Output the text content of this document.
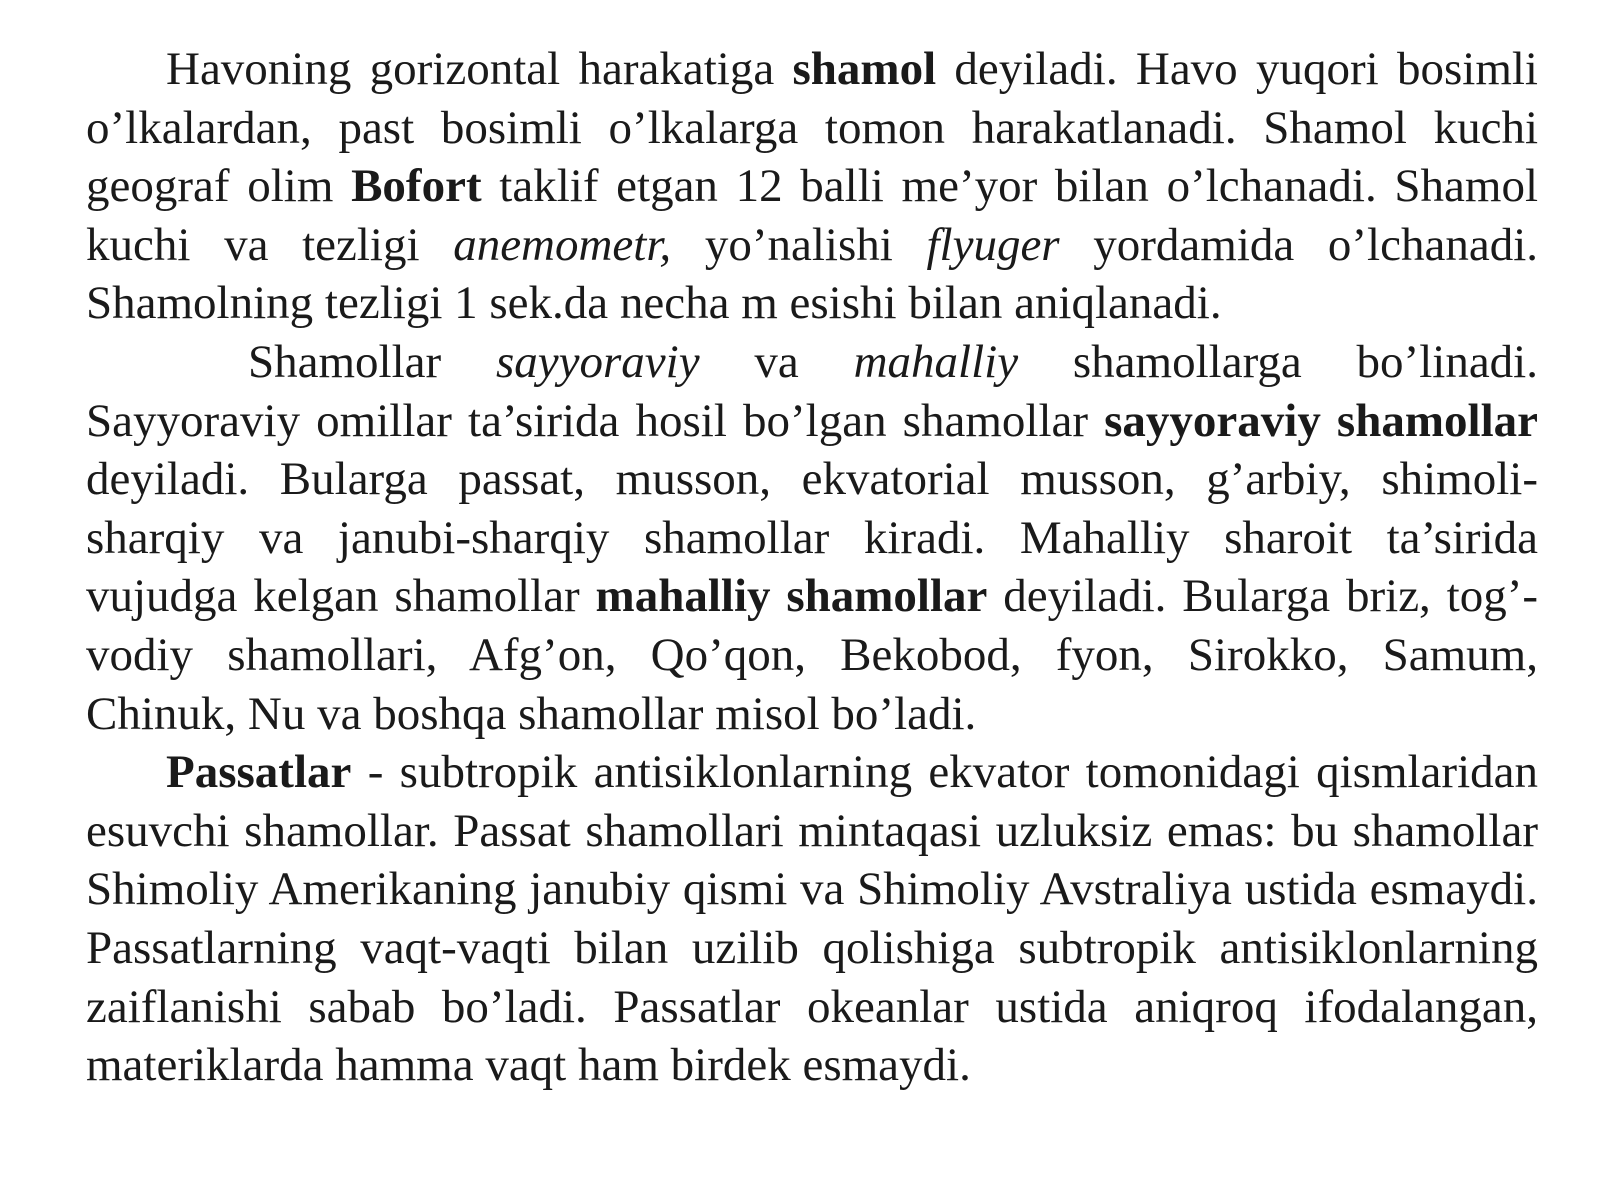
Havoning gorizontal harakatiga shamol deyiladi. Havo yuqori bosimli o’lkalardan, past bosimli o’lkalarga tomon harakatlanadi. Shamol kuchi geograf olim Bofort taklif etgan 12 balli me’yor bilan o’lchanadi. Shamol kuchi va tezligi anemometr, yo’nalishi flyuger yordamida o’lchanadi. Shamolning tezligi 1 sek.da necha m esishi bilan aniqlanadi.

Shamollar sayyoraviy va mahalliy shamollarga bo’linadi. Sayyoraviy omillar ta’sirida hosil bo’lgan shamollar sayyoraviy shamollar deyiladi. Bularga passat, musson, ekvatorial musson, g’arbiy, shimoli-sharqiy va janubi-sharqiy shamollar kiradi. Mahalliy sharoit ta’sirida vujudga kelgan shamollar mahalliy shamollar deyiladi. Bularga briz, tog’-vodiy shamollari, Afg’on, Qo’qon, Bekobod, fyon, Sirokko, Samum, Chinuk, Nu va boshqa shamollar misol bo’ladi.

Passatlar - subtropik antisiklonlarning ekvator tomonidagi qismlaridan esuvchi shamollar. Passat shamollari mintaqasi uzluksiz emas: bu shamollar Shimoliy Amerikaning janubiy qismi va Shimoliy Avstraliya ustida esmaydi. Passatlarning vaqt-vaqti bilan uzilib qolishiga subtropik antisiklonlarning zaiflanishi sabab bo’ladi. Passatlar okeanlar ustida aniqroq ifodalangan, materiklarda hamma vaqt ham birdek esmaydi.
